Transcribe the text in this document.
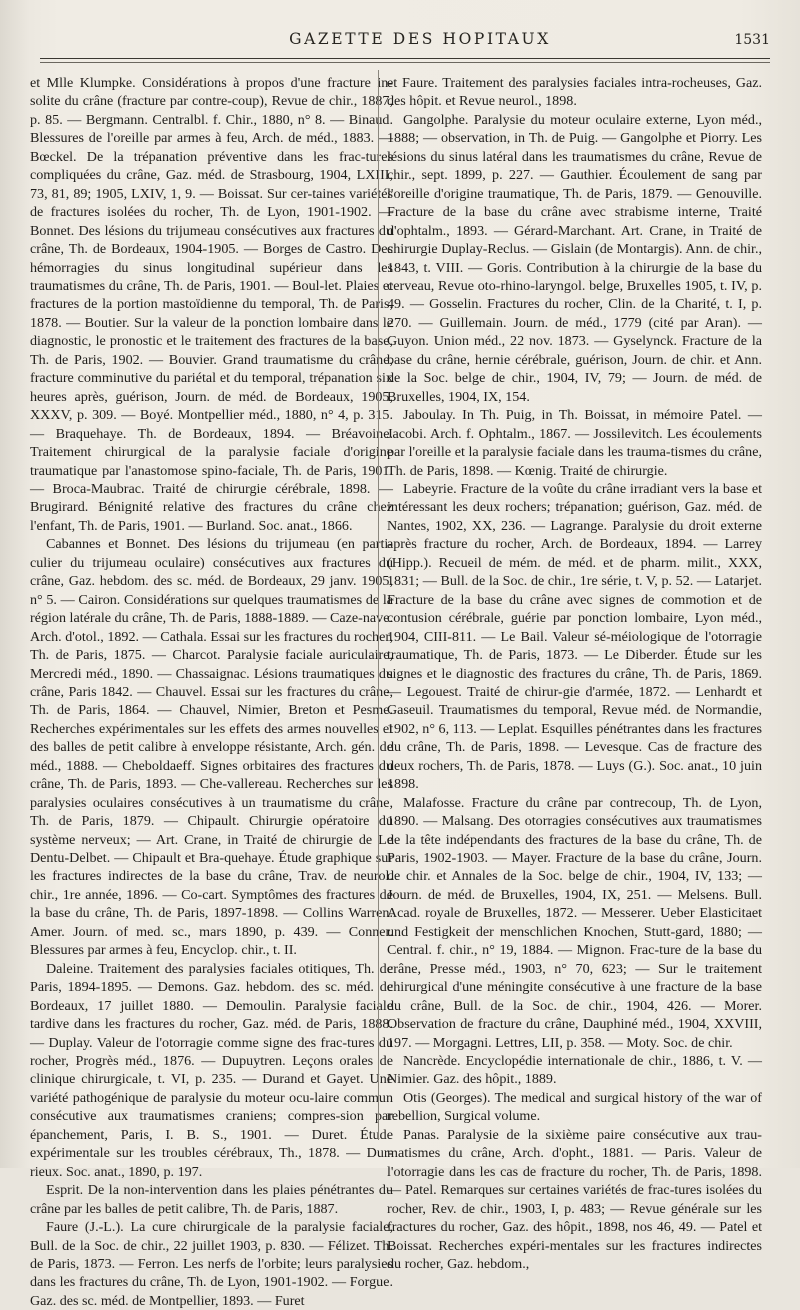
GAZETTE DES HOPITAUX	1531

et Mlle Klumpke. Considérations à propos d'une fracture in-solite du crâne (fracture par contre-coup), Revue de chir., 1887, p. 85. — Bergmann. Centralbl. f. Chir., 1880, n° 8. — Binaud. Blessures de l'oreille par armes à feu, Arch. de méd., 1883. — Bœckel. De la trépanation préventive dans les frac-tures compliquées du crâne, Gaz. méd. de Strasbourg, 1904, LXIII, 73, 81, 89; 1905, LXIV, 1, 9. — Boissat. Sur cer-taines variétés de fractures isolées du rocher, Th. de Lyon, 1901-1902. — Bonnet. Des lésions du trijumeau consécutives aux fractures du crâne, Th. de Bordeaux, 1904-1905. — Borges de Castro. Des hémorragies du sinus longitudinal supérieur dans les traumatismes du crâne, Th. de Paris, 1901. — Boul-let. Plaies et fractures de la portion mastoïdienne du temporal, Th. de Paris, 1878. — Boutier. Sur la valeur de la ponction lombaire dans le diagnostic, le pronostic et le traitement des fractures de la base, Th. de Paris, 1902. — Bouvier. Grand traumatisme du crâne, fracture comminutive du pariétal et du temporal, trépanation six heures après, guérison, Journ. de méd. de Bordeaux, 1905, XXXV, p. 309. — Boyé. Montpellier méd., 1880, n° 4, p. 315. — Braquehaye. Th. de Bordeaux, 1894. — Bréavoine. Traitement chirurgical de la paralysie faciale d'origine traumatique par l'anastomose spino-faciale, Th. de Paris, 1901. — Broca-Maubrac. Traité de chirurgie cérébrale, 1898. — Brugirard. Bénignité relative des fractures du crâne chez l'enfant, Th. de Paris, 1901. — Burland. Soc. anat., 1866.

Cabannes et Bonnet. Des lésions du trijumeau (en parti-culier du trijumeau oculaire) consécutives aux fractures du crâne, Gaz. hebdom. des sc. méd. de Bordeaux, 29 janv. 1905, n° 5. — Cairon. Considérations sur quelques traumatismes de la région latérale du crâne, Th. de Paris, 1888-1889. — Caze-nave. Arch. d'otol., 1892. — Cathala. Essai sur les fractures du rocher, Th. de Paris, 1875. — Charcot. Paralysie faciale auriculaire, Mercredi méd., 1890. — Chassaignac. Lésions traumatiques du crâne, Paris 1842. — Chauvel. Essai sur les fractures du crâne, Th. de Paris, 1864. — Chauvel, Nimier, Breton et Pesme. Recherches expérimentales sur les effets des armes nouvelles et des balles de petit calibre à enveloppe résistante, Arch. gén. de méd., 1888. — Cheboldaeff. Signes orbitaires des fractures du crâne, Th. de Paris, 1893. — Che-vallereau. Recherches sur les paralysies oculaires consécutives à un traumatisme du crâne, Th. de Paris, 1879. — Chipault. Chirurgie opératoire du système nerveux; — Art. Crane, in Traité de chirurgie de Le Dentu-Delbet. — Chipault et Bra-quehaye. Étude graphique sur les fractures indirectes de la base du crâne, Trav. de neurol. chir., 1re année, 1896. — Co-cart. Symptômes des fractures de la base du crâne, Th. de Paris, 1897-1898. — Collins Warren. Amer. Journ. of med. sc., mars 1890, p. 439. — Conner. Blessures par armes à feu, Encyclop. chir., t. II.

Daleine. Traitement des paralysies faciales otitiques, Th. de Paris, 1894-1895. — Demons. Gaz. hebdom. des sc. méd. de Bordeaux, 17 juillet 1880. — Demoulin. Paralysie faciale tardive dans les fractures du rocher, Gaz. méd. de Paris, 1888. — Duplay. Valeur de l'otorragie comme signe des frac-tures du rocher, Progrès méd., 1876. — Dupuytren. Leçons orales de clinique chirurgicale, t. VI, p. 235. — Durand et Gayet. Une variété pathogénique de paralysie du moteur ocu-laire commun consécutive aux traumatismes craniens; compres-sion par épanchement, Paris, I. B. S., 1901. — Duret. Étude expérimentale sur les troubles cérébraux, Th., 1878. — Dur-rieux. Soc. anat., 1890, p. 197.

Esprit. De la non-intervention dans les plaies pénétrantes du crâne par les balles de petit calibre, Th. de Paris, 1887.

Faure (J.-L.). La cure chirurgicale de la paralysie faciale, Bull. de la Soc. de chir., 22 juillet 1903, p. 830. — Félizet. Th. de Paris, 1873. — Ferron. Les nerfs de l'orbite; leurs paralysies dans les fractures du crâne, Th. de Lyon, 1901-1902. — Forgue. Gaz. des sc. méd. de Montpellier, 1893. — Furet

et Faure. Traitement des paralysies faciales intra-rocheuses, Gaz. des hôpit. et Revue neurol., 1898.

Gangolphe. Paralysie du moteur oculaire externe, Lyon méd., 1888; — observation, in Th. de Puig. — Gangolphe et Piorry. Les lésions du sinus latéral dans les traumatismes du crâne, Revue de chir., sept. 1899, p. 227. — Gauthier. Écoulement de sang par l'oreille d'origine traumatique, Th. de Paris, 1879. — Genouville. Fracture de la base du crâne avec strabisme interne, Traité d'ophtalm., 1893. — Gérard-Marchant. Art. Crane, in Traité de chirurgie Duplay-Reclus. — Gislain (de Montargis). Ann. de chir., 1843, t. VIII. — Goris. Contribution à la chirurgie de la base du cerveau, Revue oto-rhino-laryngol. belge, Bruxelles 1905, t. IV, p. 49. — Gosselin. Fractures du rocher, Clin. de la Charité, t. I, p. 270. — Guillemain. Journ. de méd., 1779 (cité par Aran). — Guyon. Union méd., 22 nov. 1873. — Gyselynck. Fracture de la base du crâne, hernie cérébrale, guérison, Journ. de chir. et Ann. de la Soc. belge de chir., 1904, IV, 79; — Journ. de méd. de Bruxelles, 1904, IX, 154.

Jaboulay. In Th. Puig, in Th. Boissat, in mémoire Patel. — Jacobi. Arch. f. Ophtalm., 1867. — Jossilevitch. Les écoulements par l'oreille et la paralysie faciale dans les trauma-tismes du crâne, Th. de Paris, 1898. — Kœnig. Traité de chirurgie.

Labeyrie. Fracture de la voûte du crâne irradiant vers la base et intéressant les deux rochers; trépanation; guérison, Gaz. méd. de Nantes, 1902, XX, 236. — Lagrange. Paralysie du droit externe après fracture du rocher, Arch. de Bordeaux, 1894. — Larrey (Hipp.). Recueil de mém. de méd. et de pharm. milit., XXX, 1831; — Bull. de la Soc. de chir., 1re série, t. V, p. 52. — Latarjet. Fracture de la base du crâne avec signes de commotion et de contusion cérébrale, guérie par ponction lombaire, Lyon méd., 1904, CIII-811. — Le Bail. Valeur sé-méiologique de l'otorragie traumatique, Th. de Paris, 1873. — Le Diberder. Étude sur les signes et le diagnostic des fractures du crâne, Th. de Paris, 1869. — Legouest. Traité de chirur-gie d'armée, 1872. — Lenhardt et Gaseuil. Traumatismes du temporal, Revue méd. de Normandie, 1902, n° 6, 113. — Leplat. Esquilles pénétrantes dans les fractures du crâne, Th. de Paris, 1898. — Levesque. Cas de fracture des deux rochers, Th. de Paris, 1878. — Luys (G.). Soc. anat., 10 juin 1898.

Malafosse. Fracture du crâne par contrecoup, Th. de Lyon, 1890. — Malsang. Des otorragies consécutives aux traumatismes de la tête indépendants des fractures de la base du crâne, Th. de Paris, 1902-1903. — Mayer. Fracture de la base du crâne, Journ. de chir. et Annales de la Soc. belge de chir., 1904, IV, 133; — Journ. de méd. de Bruxelles, 1904, IX, 251. — Melsens. Bull. Acad. royale de Bruxelles, 1872. — Messerer. Ueber Elasticitaet und Festigkeit der menschlichen Knochen, Stutt-gard, 1880; — Central. f. chir., n° 19, 1884. — Mignon. Frac-ture de la base du crâne, Presse méd., 1903, n° 70, 623; — Sur le traitement chirurgical d'une méningite consécutive à une fracture de la base du crâne, Bull. de la Soc. de chir., 1904, 426. — Morer. Observation de fracture du crâne, Dauphiné méd., 1904, XXVIII, 197. — Morgagni. Lettres, LII, p. 358. — Moty. Soc. de chir.

Nancrède. Encyclopédie internationale de chir., 1886, t. V. — Nimier. Gaz. des hôpit., 1889.

Otis (Georges). The medical and surgical history of the war of rebellion, Surgical volume.

Panas. Paralysie de la sixième paire consécutive aux trau-matismes du crâne, Arch. d'opht., 1881. — Paris. Valeur de l'otorragie dans les cas de fracture du rocher, Th. de Paris, 1898. — Patel. Remarques sur certaines variétés de frac-tures isolées du rocher, Rev. de chir., 1903, I, p. 483; — Revue générale sur les fractures du rocher, Gaz. des hôpit., 1898, nos 46, 49. — Patel et Boissat. Recherches expéri-mentales sur les fractures indirectes du rocher, Gaz. hebdom.,
